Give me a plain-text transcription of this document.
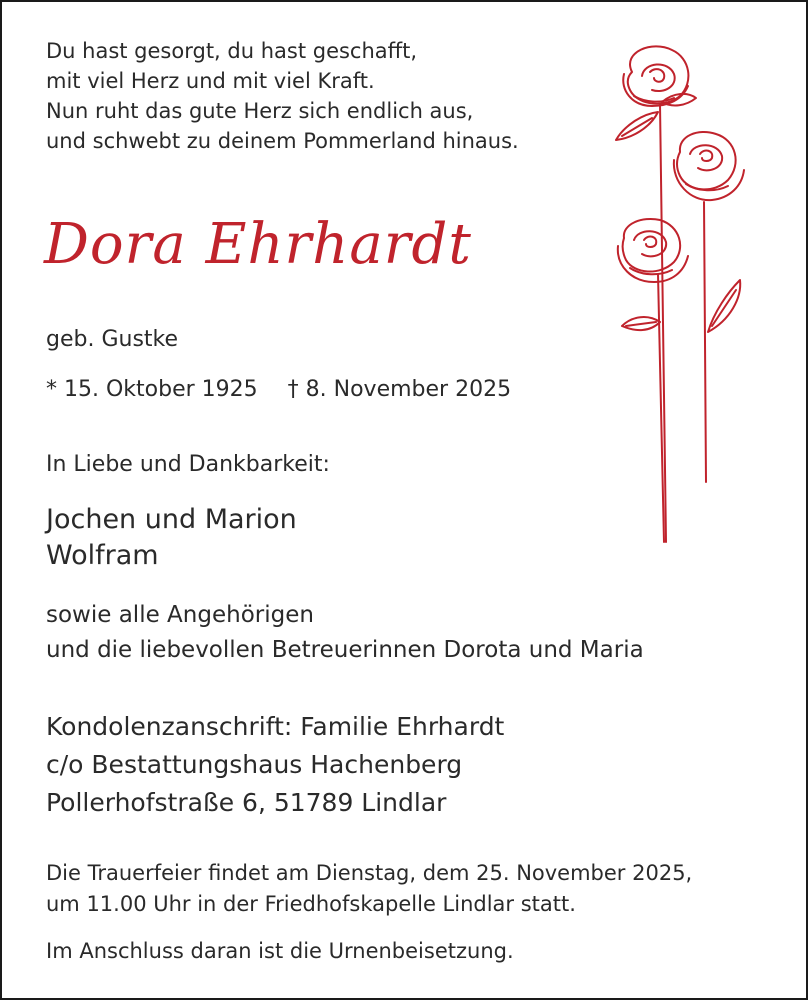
Du hast gesorgt, du hast geschafft,
mit viel Herz und mit viel Kraft.
Nun ruht das gute Herz sich endlich aus,
und schwebt zu deinem Pommerland hinaus.
Dora Ehrhardt
geb. Gustke
* 15. Oktober 1925 † 8. November 2025
In Liebe und Dankbarkeit:
Jochen und Marion
Wolfram
sowie alle Angehörigen
und die liebevollen Betreuerinnen Dorota und Maria
Kondolenzanschrift: Familie Ehrhardt
c/o Bestattungshaus Hachenberg
Pollerhofstraße 6, 51789 Lindlar
Die Trauerfeier findet am Dienstag, dem 25. November 2025,
um 11.00 Uhr in der Friedhofskapelle Lindlar statt.
Im Anschluss daran ist die Urnenbeisetzung.
